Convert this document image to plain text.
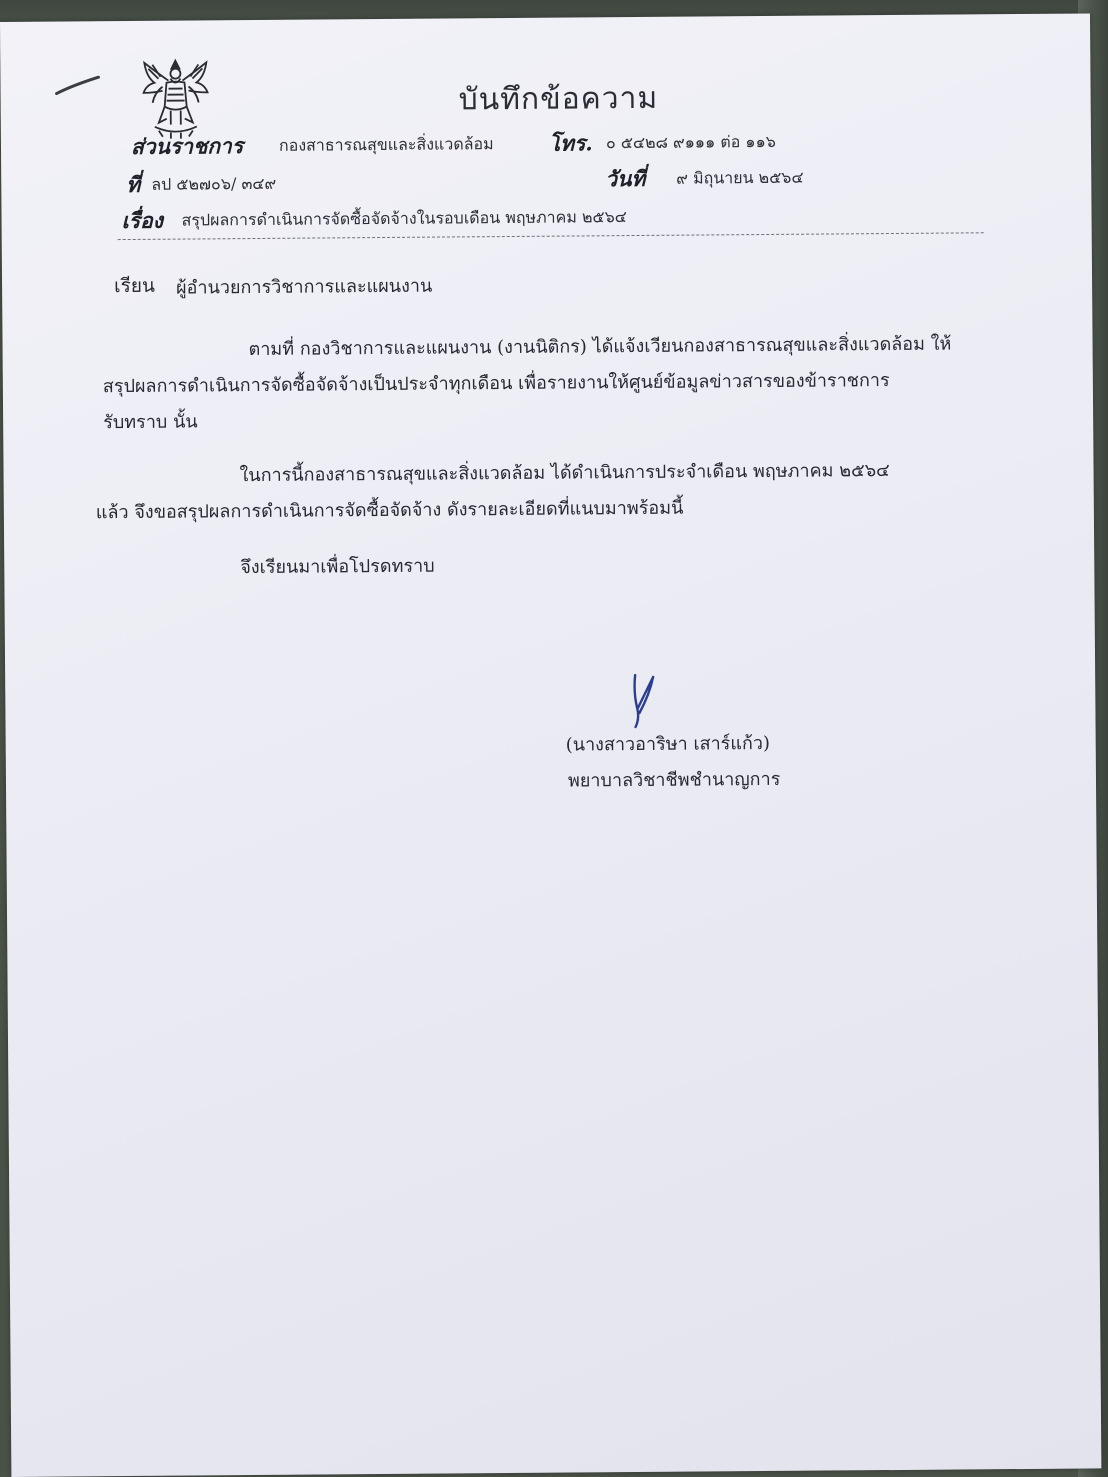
บันทึกข้อความ
ส่วนราชการ กองสาธารณสุขและสิ่งแวดล้อม	โทร. ๐ ๕๔๒๘ ๙๑๑๑ ต่อ ๑๑๖
ที่ ลป ๕๒๗๐๖/ ๓๔๙	วันที่ ๙ มิถุนายน ๒๕๖๔
เรื่อง สรุปผลการดำเนินการจัดซื้อจัดจ้างในรอบเดือน พฤษภาคม ๒๕๖๔
เรียน ผู้อำนวยการวิชาการและแผนงาน
ตามที่ กองวิชาการและแผนงาน (งานนิติกร) ได้แจ้งเวียนกองสาธารณสุขและสิ่งแวดล้อม ให้
สรุปผลการดำเนินการจัดซื้อจัดจ้างเป็นประจำทุกเดือน เพื่อรายงานให้ศูนย์ข้อมูลข่าวสารของข้าราชการ
รับทราบ นั้น
ในการนี้กองสาธารณสุขและสิ่งแวดล้อม ได้ดำเนินการประจำเดือน พฤษภาคม ๒๕๖๔
แล้ว จึงขอสรุปผลการดำเนินการจัดซื้อจัดจ้าง ดังรายละเอียดที่แนบมาพร้อมนี้
จึงเรียนมาเพื่อโปรดทราบ
(นางสาวอาริษา เสาร์แก้ว)
พยาบาลวิชาชีพชำนาญการ
